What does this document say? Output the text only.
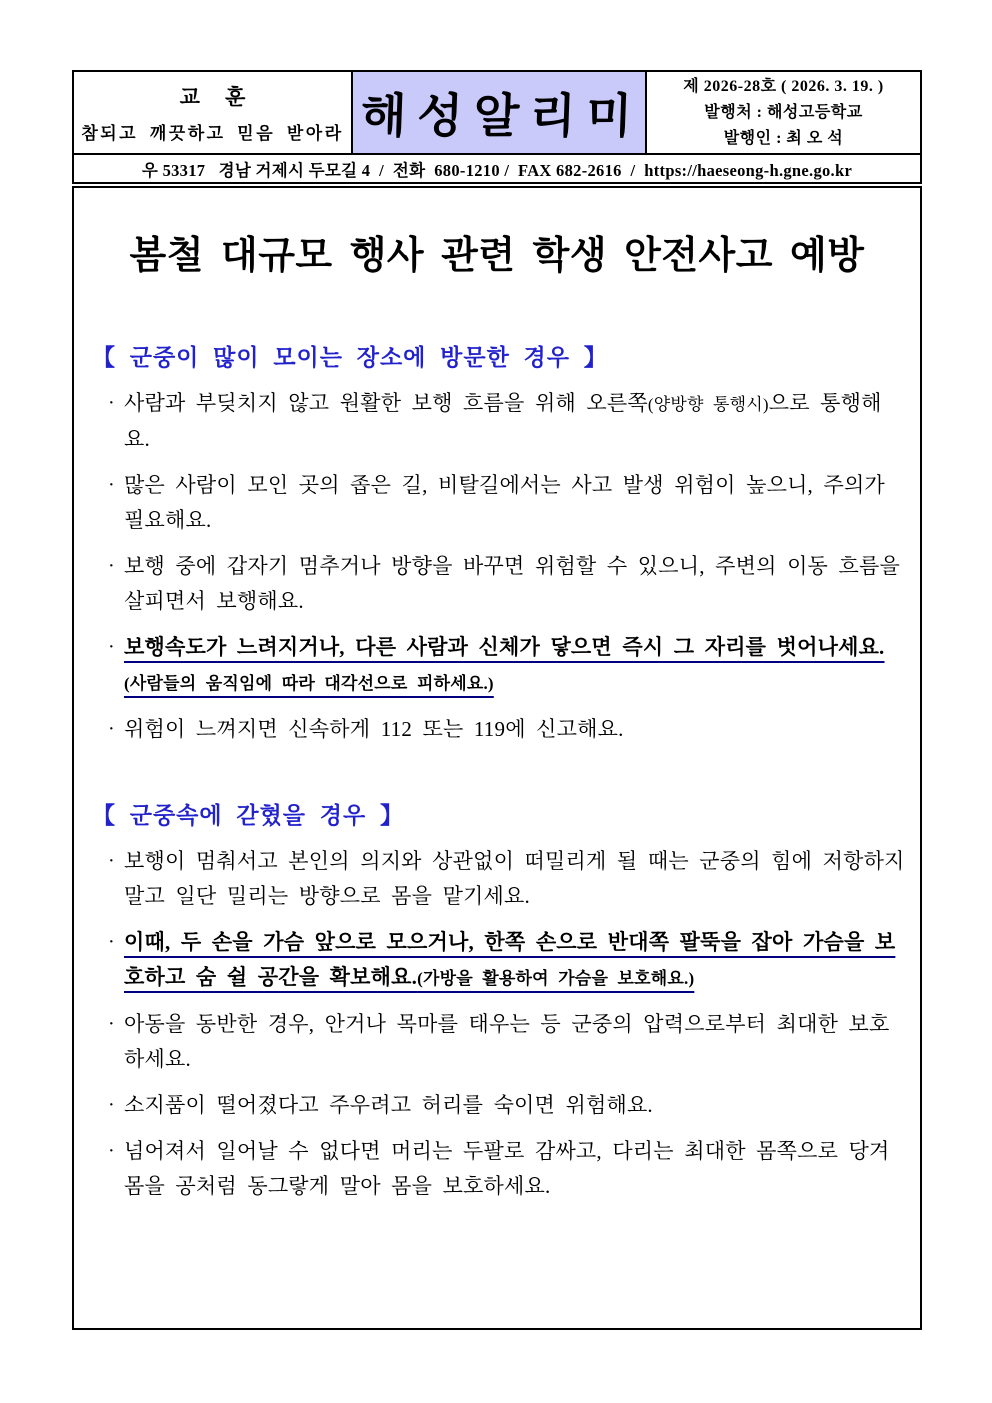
교 훈
참되고 깨끗하고 믿음 받아라 해성알리미
제 2026-28호 ( 2026. 3. 19. )
발행처 : 해성고등학교
발행인 : 최 오 석
우 53317   경남 거제시 두모길 4  /  전화  680-1210 /  FAX 682-2616  /  https://haeseong-h.gne.go.kr
봄철 대규모 행사 관련 학생 안전사고 예방
【 군중이 많이 모이는 장소에 방문한 경우 】
· 사람과 부딪치지 않고 원활한 보행 흐름을 위해 오른쪽(양방향 통행시)으로 통행해요.
· 많은 사람이 모인 곳의 좁은 길, 비탈길에서는 사고 발생 위험이 높으니, 주의가 필요해요.
· 보행 중에 갑자기 멈추거나 방향을 바꾸면 위험할 수 있으니, 주변의 이동 흐름을 살피면서 보행해요.
· 보행속도가 느려지거나, 다른 사람과 신체가 닿으면 즉시 그 자리를 벗어나세요.(사람들의 움직임에 따라 대각선으로 피하세요.)
· 위험이 느껴지면 신속하게 112 또는 119에 신고해요.
【 군중속에 갇혔을 경우 】
· 보행이 멈춰서고 본인의 의지와 상관없이 떠밀리게 될 때는 군중의 힘에 저항하지 말고 일단 밀리는 방향으로 몸을 맡기세요.
· 이때, 두 손을 가슴 앞으로 모으거나, 한쪽 손으로 반대쪽 팔뚝을 잡아 가슴을 보호하고 숨 쉴 공간을 확보해요.(가방을 활용하여 가슴을 보호해요.)
· 아동을 동반한 경우, 안거나 목마를 태우는 등 군중의 압력으로부터 최대한 보호하세요.
· 소지품이 떨어졌다고 주우려고 허리를 숙이면 위험해요.
· 넘어져서 일어날 수 없다면 머리는 두팔로 감싸고, 다리는 최대한 몸쪽으로 당겨 몸을 공처럼 동그랗게 말아 몸을 보호하세요.
